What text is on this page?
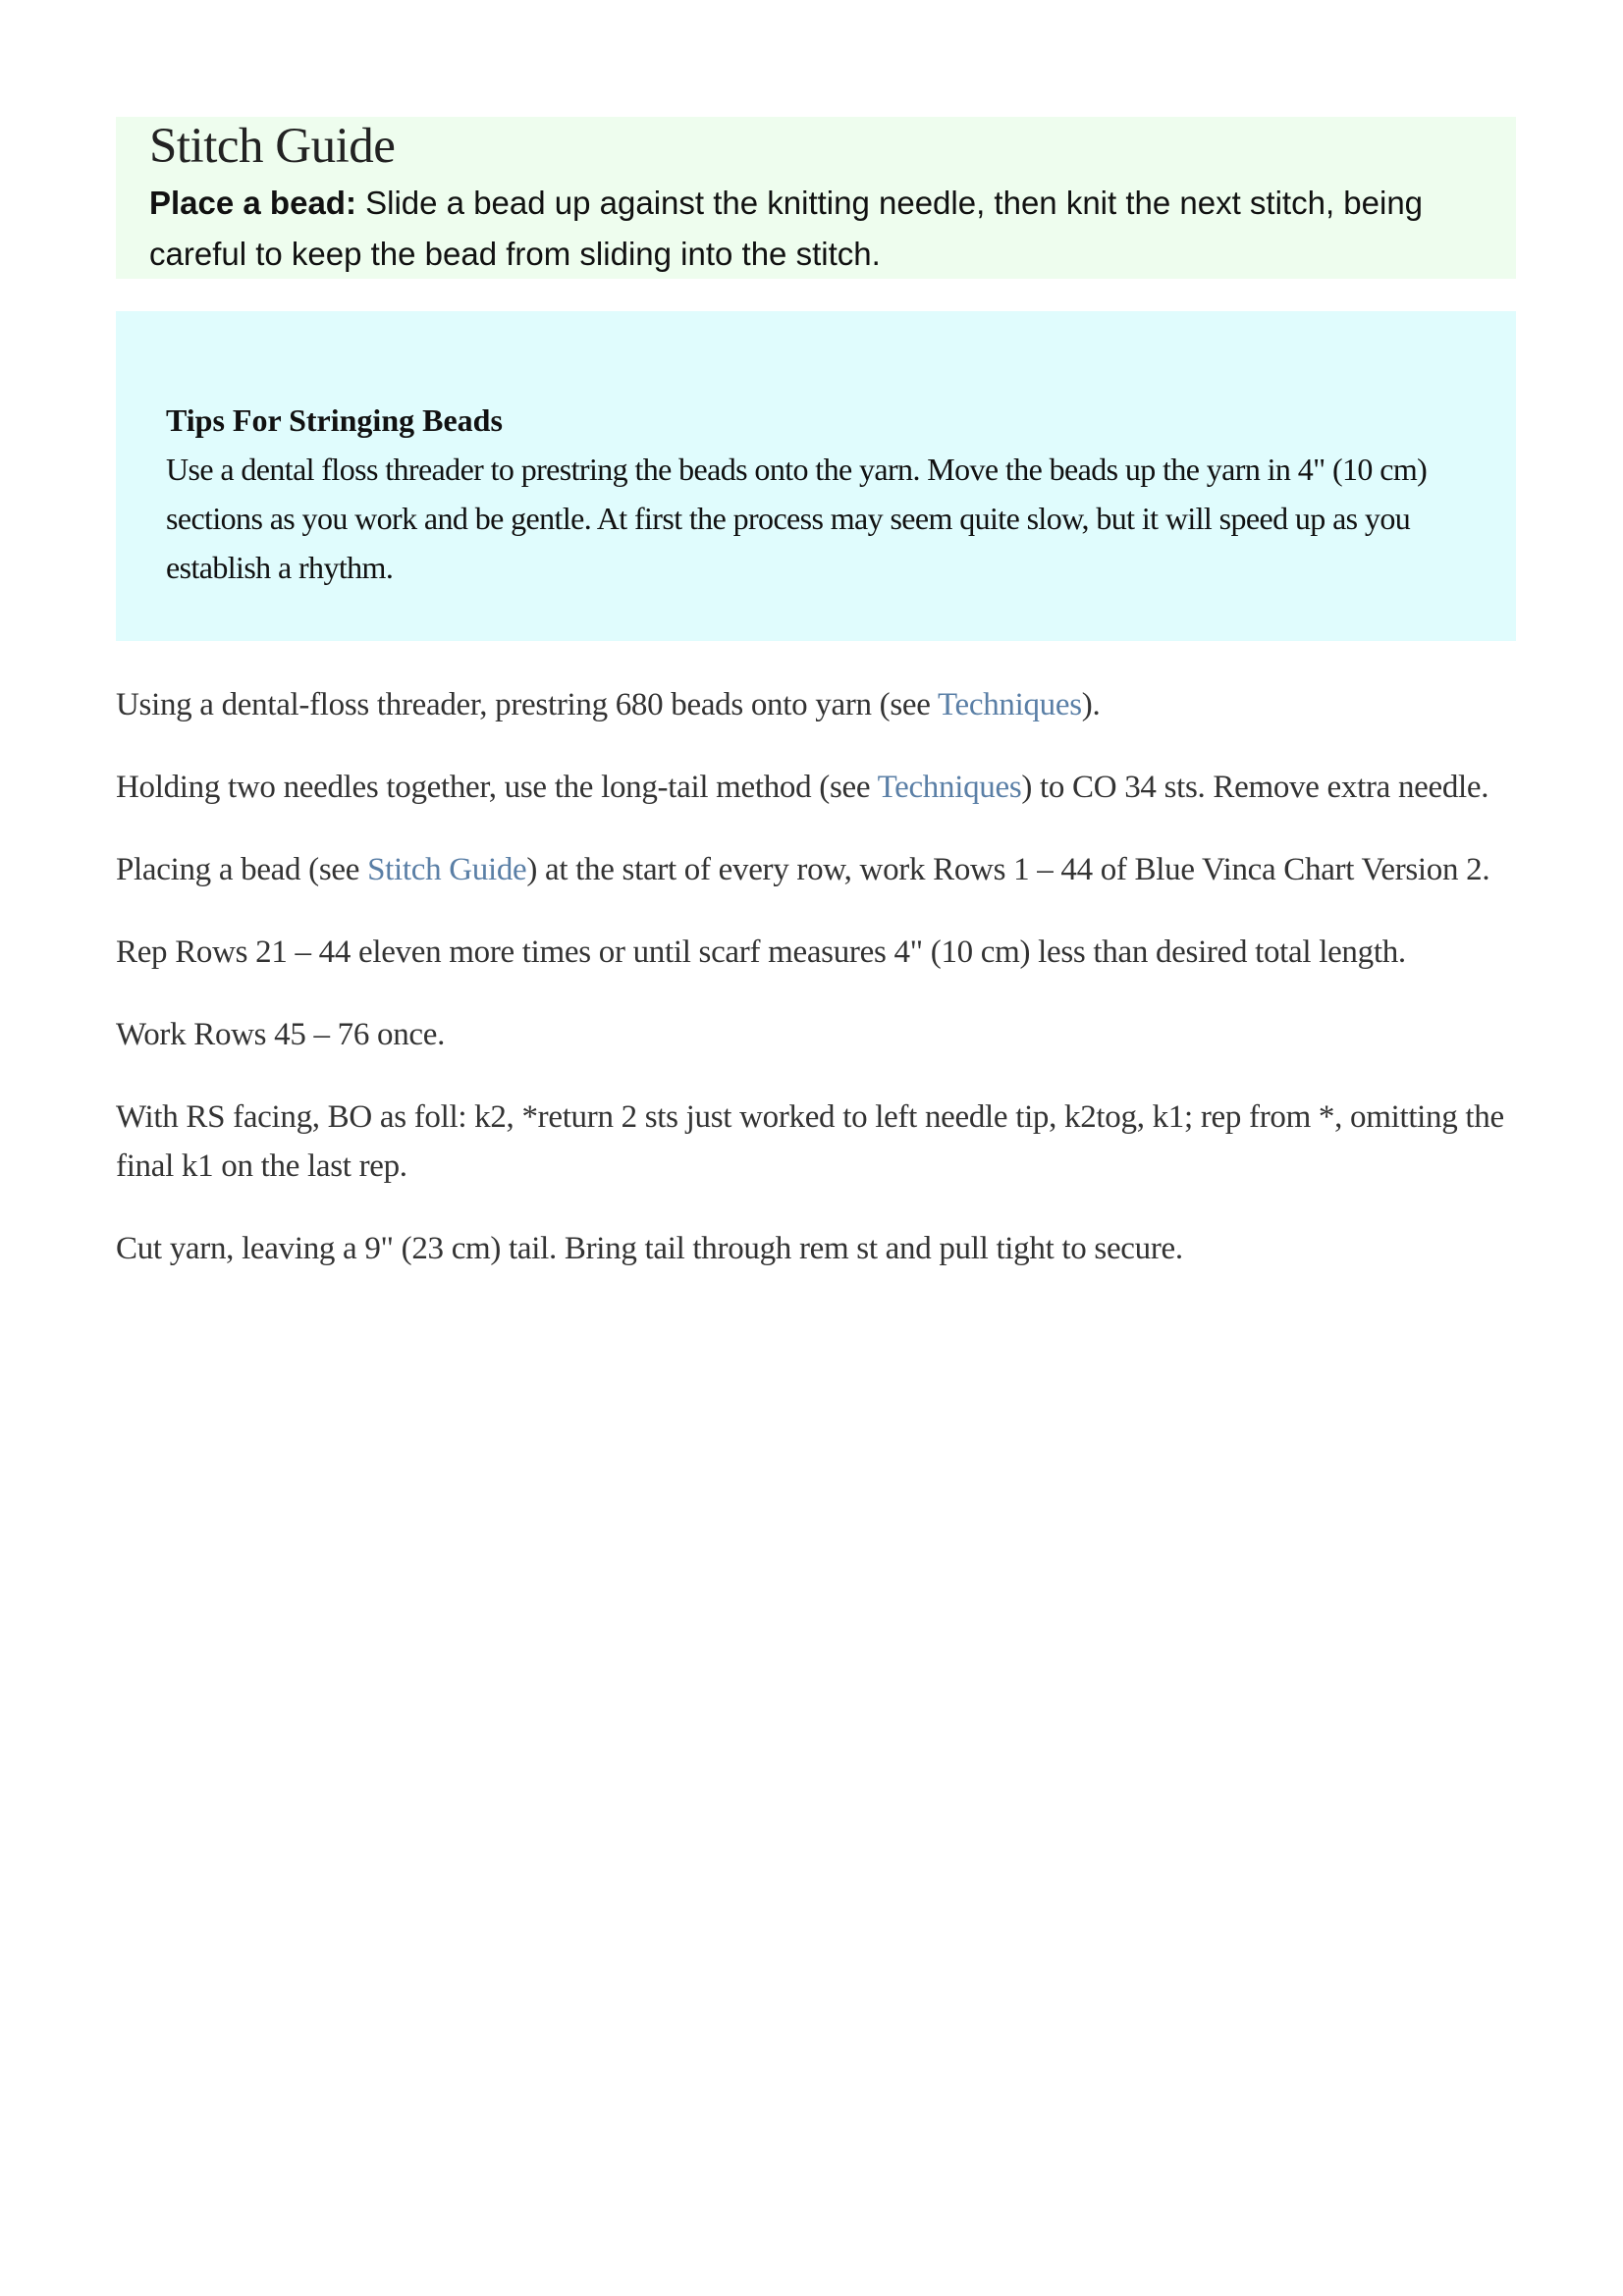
Stitch Guide

Place a bead: Slide a bead up against the knitting needle, then knit the next stitch, being careful to keep the bead from sliding into the stitch.

Tips For Stringing Beads

Use a dental floss threader to prestring the beads onto the yarn. Move the beads up the yarn in 4" (10 cm) sections as you work and be gentle. At first the process may seem quite slow, but it will speed up as you establish a rhythm.

Using a dental-floss threader, prestring 680 beads onto yarn (see Techniques).

Holding two needles together, use the long-tail method (see Techniques) to CO 34 sts. Remove extra needle.

Placing a bead (see Stitch Guide) at the start of every row, work Rows 1 – 44 of Blue Vinca Chart Version 2.

Rep Rows 21 – 44 eleven more times or until scarf measures 4" (10 cm) less than desired total length.

Work Rows 45 – 76 once.

With RS facing, BO as foll: k2, *return 2 sts just worked to left needle tip, k2tog, k1; rep from *, omitting the final k1 on the last rep.

Cut yarn, leaving a 9" (23 cm) tail. Bring tail through rem st and pull tight to secure.
